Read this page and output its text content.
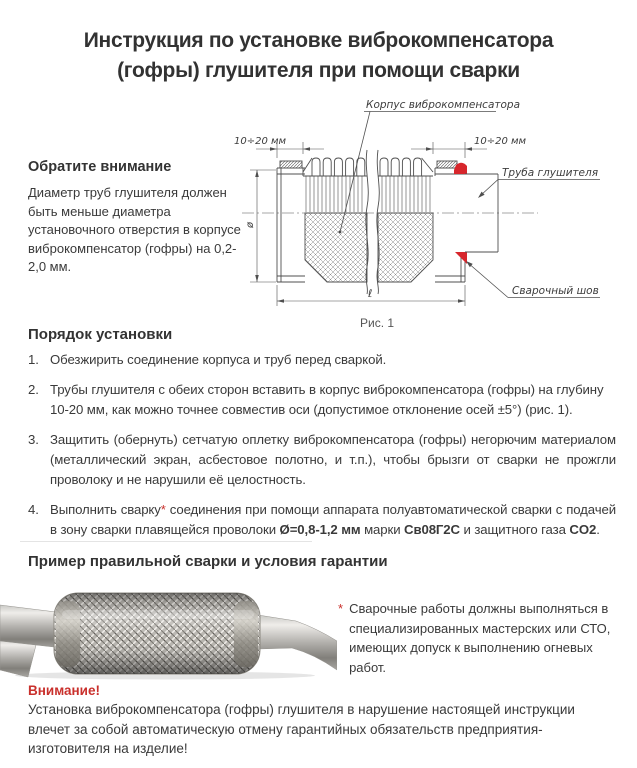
Инструкция по установке виброкомпенсатора
(гофры) глушителя при помощи сварки
Обратите внимание
Диаметр труб глушителя должен быть меньше диаметра установочного отверстия в корпусе виброкомпенсатор (гофры) на 0,2-2,0 мм.
10÷20 мм	10÷20 мм
ø
ℓ
Корпус виброкомпенсатора
Труба глушителя
Сварочный шов
Рис. 1
Порядок установки
Обезжирить соединение корпуса и труб перед сваркой.
Трубы глушителя с обеих сторон вставить в корпус виброкомпенсатора (гофры) на глубину 10-20 мм, как можно точнее совместив оси (допустимое отклонение осей ±5°) (рис. 1).
Защитить (обернуть) сетчатую оплетку виброкомпенсатора (гофры) негорючим материалом (металлический экран, асбестовое полотно, и т.п.), чтобы брызги от сварки не прожгли проволоку и не нарушили её целостность.
Выполнить сварку* соединения при помощи аппарата полуавтоматической сварки с подачей в зону сварки плавящейся проволоки Ø=0,8-1,2 мм марки Св08Г2С и защитного газа CO2.
Пример правильной сварки и условия гарантии
* Сварочные работы должны выполняться в специализированных мастерских или СТО, имеющих допуск к выполнению огневых работ.
Внимание!
Установка виброкомпенсатора (гофры) глушителя в нарушение настоящей инструкции влечет за собой автоматическую отмену гарантийных обязательств предприятия-изготовителя на изделие!
